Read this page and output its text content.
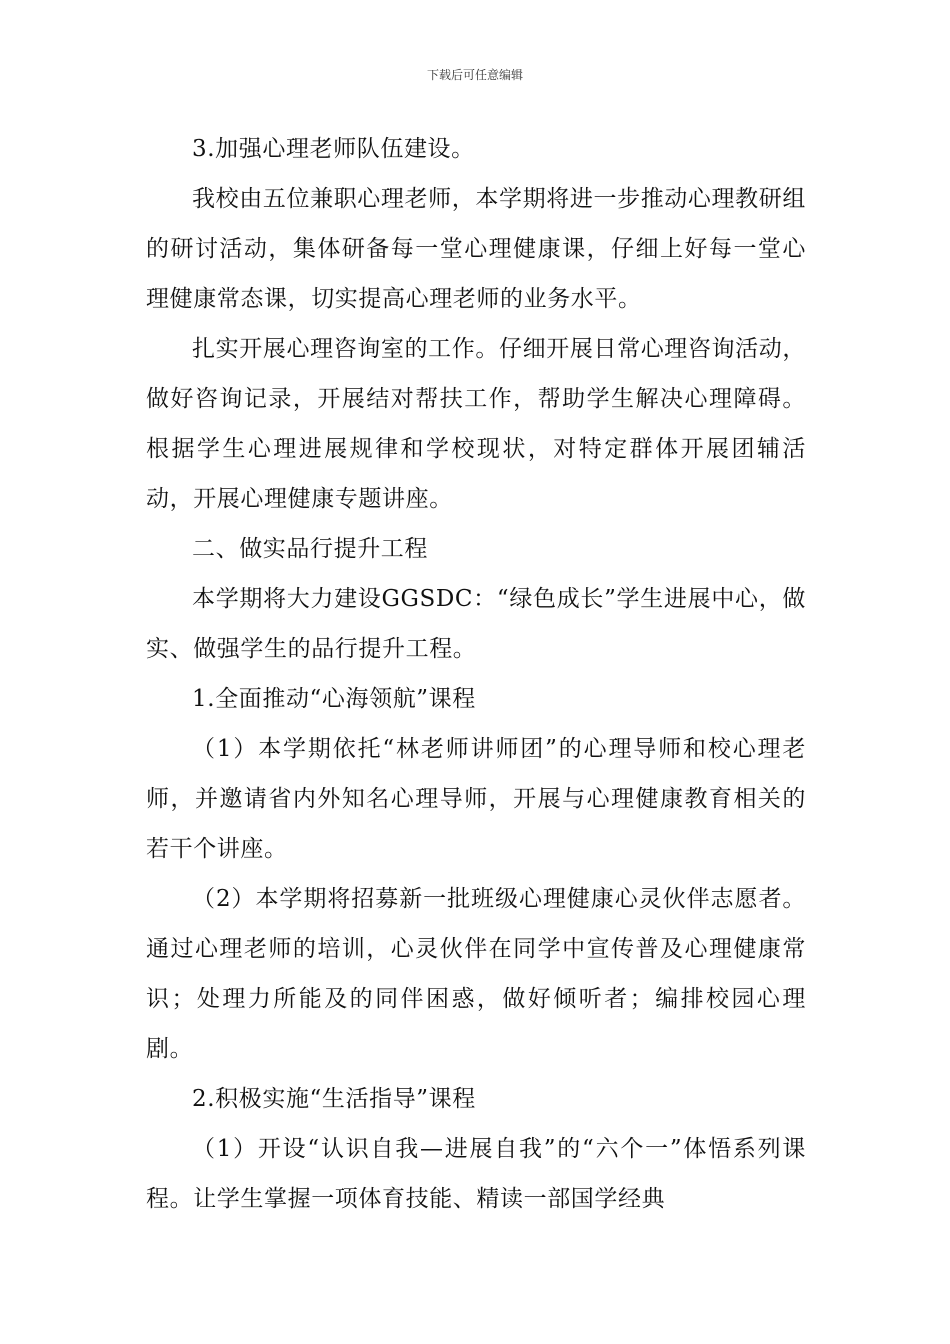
下载后可任意编辑

3.加强心理老师队伍建设。

我校由五位兼职心理老师，本学期将进一步推动心理教研组的研讨活动，集体研备每一堂心理健康课，仔细上好每一堂心理健康常态课，切实提高心理老师的业务水平。

扎实开展心理咨询室的工作。仔细开展日常心理咨询活动，做好咨询记录，开展结对帮扶工作，帮助学生解决心理障碍。根据学生心理进展规律和学校现状，对特定群体开展团辅活动，开展心理健康专题讲座。

二、做实品行提升工程

本学期将大力建设GGSDC：“绿色成长”学生进展中心，做实、做强学生的品行提升工程。

1.全面推动“心海领航”课程

（1）本学期依托“林老师讲师团”的心理导师和校心理老师，并邀请省内外知名心理导师，开展与心理健康教育相关的若干个讲座。

（2）本学期将招募新一批班级心理健康心灵伙伴志愿者。通过心理老师的培训，心灵伙伴在同学中宣传普及心理健康常识；处理力所能及的同伴困惑，做好倾听者；编排校园心理剧。

2.积极实施“生活指导”课程

（1）开设“认识自我—进展自我”的“六个一”体悟系列课程。让学生掌握一项体育技能、精读一部国学经典
